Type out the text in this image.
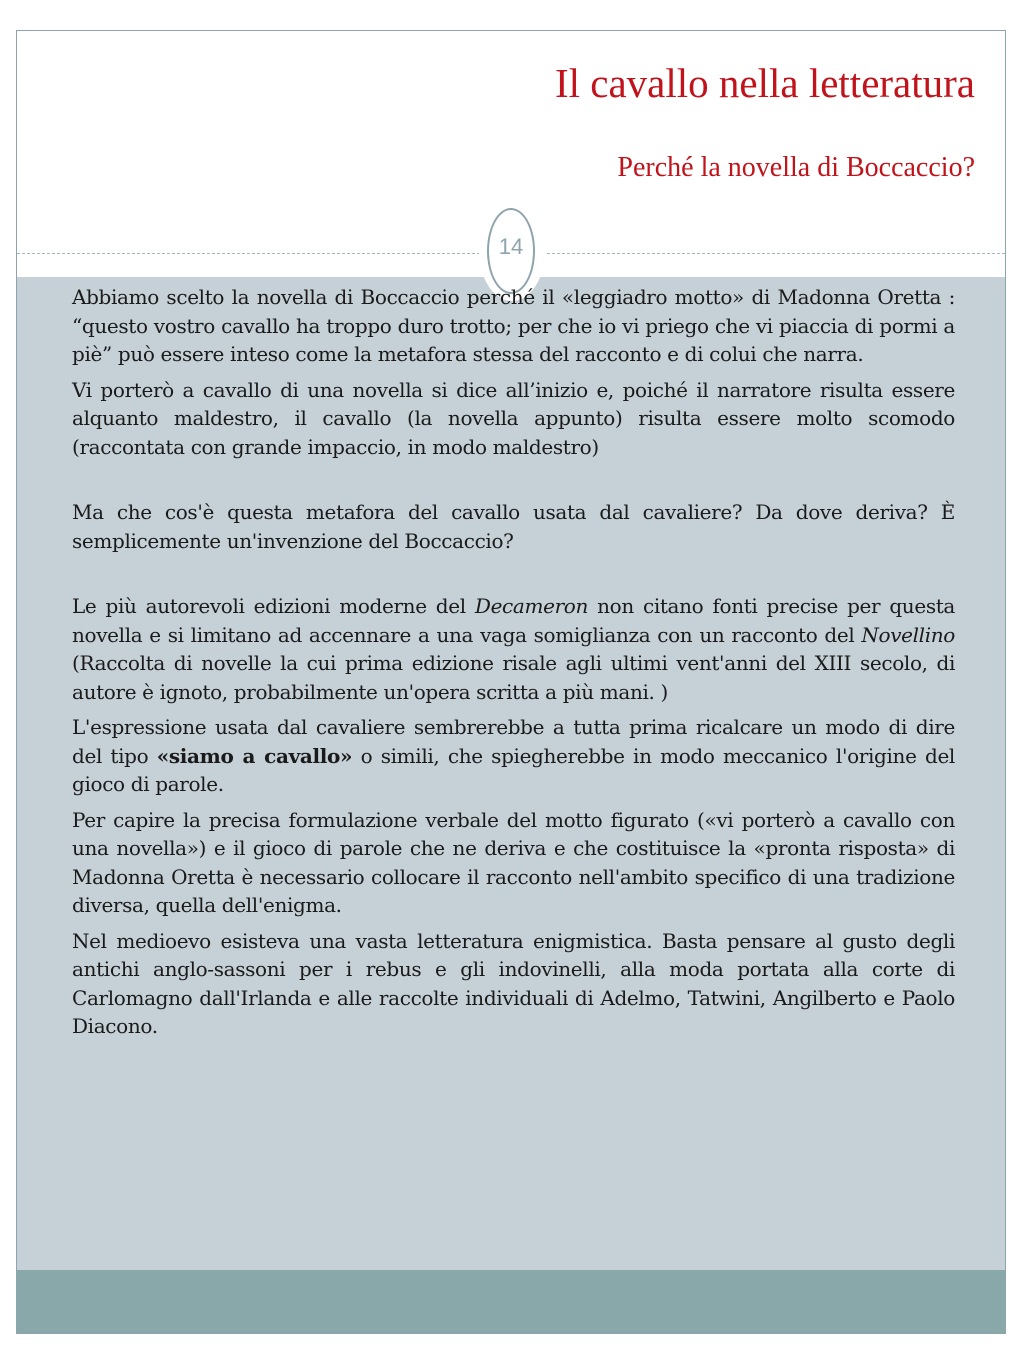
Il cavallo nella letteratura
Perché la novella di Boccaccio?
14

Abbiamo scelto la novella di Boccaccio perché il «leggiadro motto» di Madonna Oretta : “questo vostro cavallo ha troppo duro trotto; per che io vi priego che vi piaccia di pormi a piè” può essere inteso come la metafora stessa del racconto e di colui che narra.

Vi porterò a cavallo di una novella si dice all’inizio e, poiché il narratore risulta essere alquanto maldestro, il cavallo (la novella appunto) risulta essere molto scomodo (raccontata con grande impaccio, in modo maldestro)

Ma che cos'è questa metafora del cavallo usata dal cavaliere? Da dove deriva? È semplicemente un'invenzione del Boccaccio?

Le più autorevoli edizioni moderne del Decameron non citano fonti precise per questa novella e si limitano ad accennare a una vaga somiglianza con un racconto del Novellino (Raccolta di novelle la cui prima edizione risale agli ultimi vent'anni del XIII secolo, di autore è ignoto, probabilmente un'opera scritta a più mani. )

L'espressione usata dal cavaliere sembrerebbe a tutta prima ricalcare un modo di dire del tipo «siamo a cavallo» o simili, che spiegherebbe in modo meccanico l'origine del gioco di parole.

Per capire la precisa formulazione verbale del motto figurato («vi porterò a cavallo con una novella») e il gioco di parole che ne deriva e che costituisce la «pronta risposta» di Madonna Oretta è necessario collocare il racconto nell'ambito specifico di una tradizione diversa, quella dell'enigma.

Nel medioevo esisteva una vasta letteratura enigmistica. Basta pensare al gusto degli antichi anglo-sassoni per i rebus e gli indovinelli, alla moda portata alla corte di Carlomagno dall'Irlanda e alle raccolte individuali di Adelmo, Tatwini, Angilberto e Paolo Diacono.
